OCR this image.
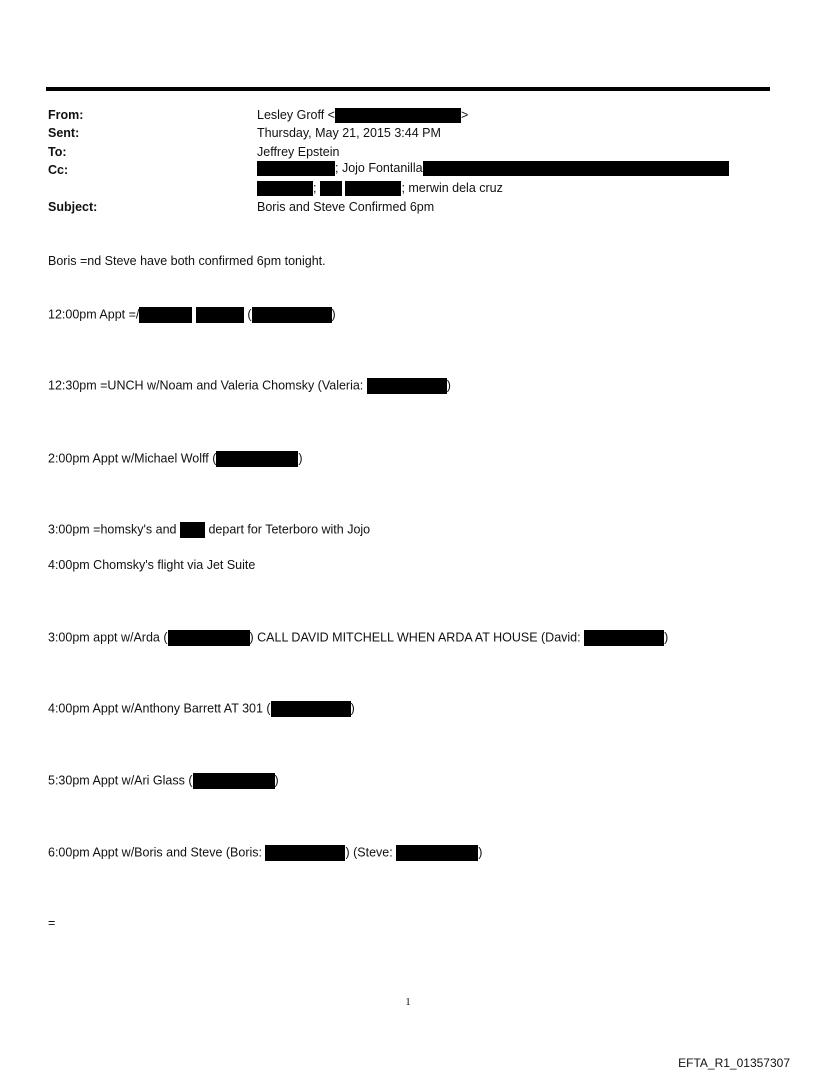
From:	Lesley Groff <	>
Sent:	Thursday, May 21, 2015 3:44 PM
To:	Jeffrey Epstein
Cc:	; Jojo Fontanilla
;	; merwin dela cruz
Subject:	Boris and Steve Confirmed 6pm
Boris =nd Steve have both confirmed 6pm tonight.
12:00pm Appt =/	(	)
12:30pm =UNCH w/Noam and Valeria Chomsky (Valeria:	)
2:00pm Appt w/Michael Wolff (	)
3:00pm =homsky's and	depart for Teterboro with Jojo
4:00pm Chomsky's flight via Jet Suite
3:00pm appt w/Arda (	) CALL DAVID MITCHELL WHEN ARDA AT HOUSE (David:	)
4:00pm Appt w/Anthony Barrett AT 301 (	)
5:30pm Appt w/Ari Glass (	)
6:00pm Appt w/Boris and Steve (Boris:	) (Steve:	)
=
1
EFTA_R1_01357307
